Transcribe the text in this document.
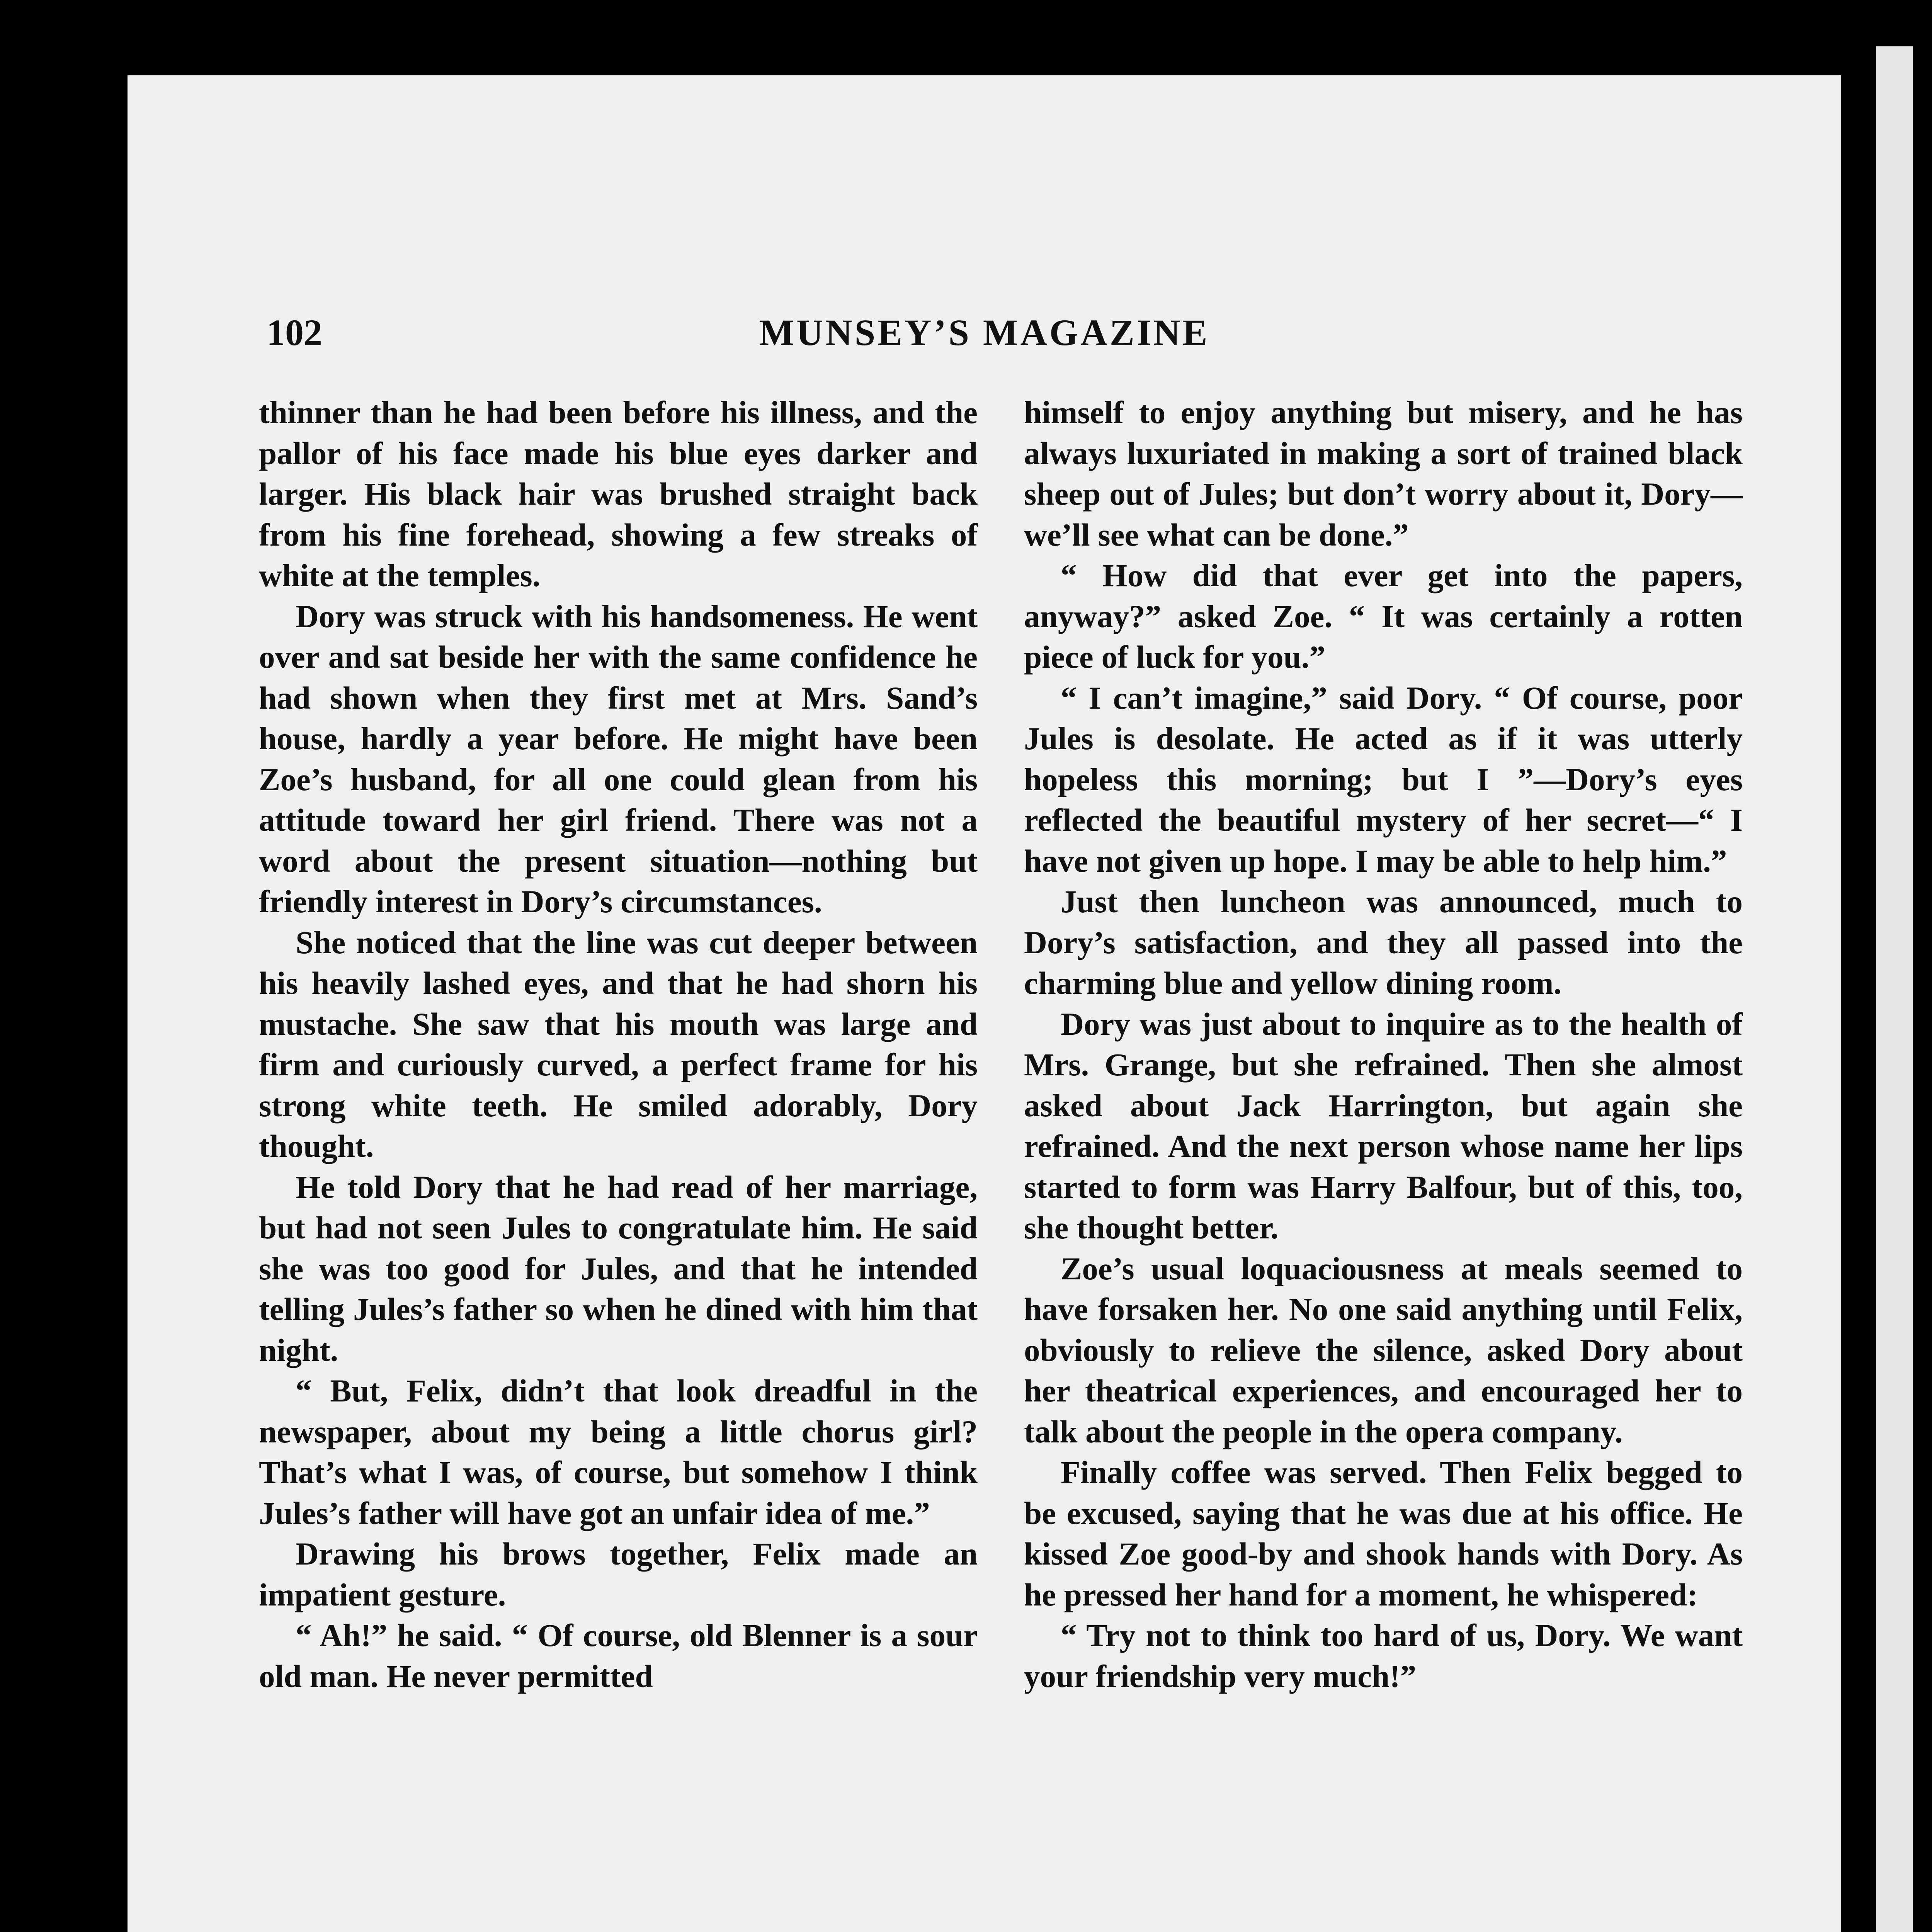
102	MUNSEY’S MAGAZINE

thinner than he had been before his illness, and the pallor of his face made his blue eyes darker and larger. His black hair was brushed straight back from his fine forehead, showing a few streaks of white at the temples.

Dory was struck with his handsomeness. He went over and sat beside her with the same confidence he had shown when they first met at Mrs. Sand’s house, hardly a year before. He might have been Zoe’s husband, for all one could glean from his attitude toward her girl friend. There was not a word about the present situation—nothing but friendly interest in Dory’s circumstances.

She noticed that the line was cut deeper between his heavily lashed eyes, and that he had shorn his mustache. She saw that his mouth was large and firm and curiously curved, a perfect frame for his strong white teeth. He smiled adorably, Dory thought.

He told Dory that he had read of her marriage, but had not seen Jules to congratulate him. He said she was too good for Jules, and that he intended telling Jules’s father so when he dined with him that night.

“ But, Felix, didn’t that look dreadful in the newspaper, about my being a little chorus girl? That’s what I was, of course, but somehow I think Jules’s father will have got an unfair idea of me.”

Drawing his brows together, Felix made an impatient gesture.

“ Ah!” he said. “ Of course, old Blenner is a sour old man. He never permitted

himself to enjoy anything but misery, and he has always luxuriated in making a sort of trained black sheep out of Jules; but don’t worry about it, Dory—we’ll see what can be done.”

“ How did that ever get into the papers, anyway?” asked Zoe. “ It was certainly a rotten piece of luck for you.”

“ I can’t imagine,” said Dory. “ Of course, poor Jules is desolate. He acted as if it was utterly hopeless this morning; but I ”—Dory’s eyes reflected the beautiful mystery of her secret—“ I have not given up hope. I may be able to help him.”

Just then luncheon was announced, much to Dory’s satisfaction, and they all passed into the charming blue and yellow dining room.

Dory was just about to inquire as to the health of Mrs. Grange, but she refrained. Then she almost asked about Jack Harrington, but again she refrained. And the next person whose name her lips started to form was Harry Balfour, but of this, too, she thought better.

Zoe’s usual loquaciousness at meals seemed to have forsaken her. No one said anything until Felix, obviously to relieve the silence, asked Dory about her theatrical experiences, and encouraged her to talk about the people in the opera company.

Finally coffee was served. Then Felix begged to be excused, saying that he was due at his office. He kissed Zoe good-by and shook hands with Dory. As he pressed her hand for a moment, he whispered:

“ Try not to think too hard of us, Dory. We want your friendship very much!”
